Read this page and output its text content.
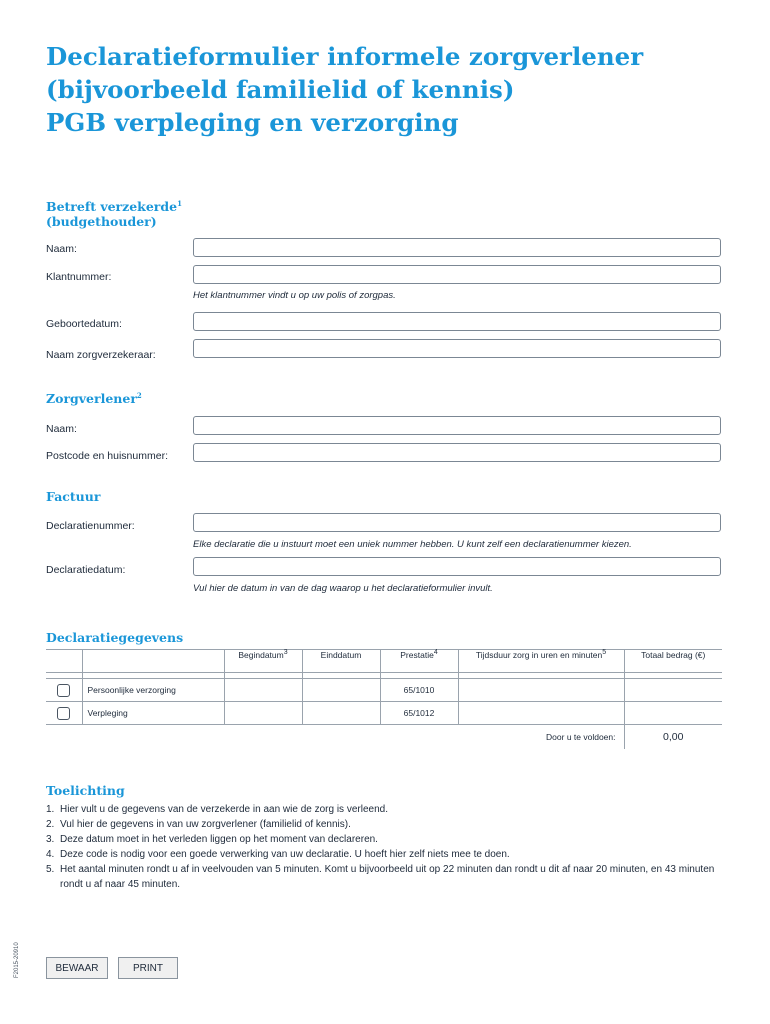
Declaratieformulier informele zorgverlener
(bijvoorbeeld familielid of kennis)
PGB verpleging en verzorging
Betreft verzekerde$^1$
(budgethouder)
Naam:
Klantnummer:
Het klantnummer vindt u op uw polis of zorgpas.
Geboortedatum:
Naam zorgverzekeraar:
Zorgverlener$^2$
Naam:
Postcode en huisnummer:
Factuur
Declaratienummer:
Elke declaratie die u instuurt moet een uniek nummer hebben. U kunt zelf een declaratienummer kiezen.
Declaratiedatum:
Vul hier de datum in van de dag waarop u het declaratieformulier invult.
Declaratiegegevens
		Begindatum$^3$	Einddatum	Prestatie$^4$	Tijdsduur zorg in uren en minuten$^5$	Totaal bedrag (€)

	Persoonlijke verzorging			65/1010		

	Verpleging			65/1012		
Door u te voldoen:						0,00
Toelichting
1. Hier vult u de gegevens van de verzekerde in aan wie de zorg is verleend.
2. Vul hier de gegevens in van uw zorgverlener (familielid of kennis).
3. Deze datum moet in het verleden liggen op het moment van declareren.
4. Deze code is nodig voor een goede verwerking van uw declaratie. U hoeft hier zelf niets mee te doen.
5. Het aantal minuten rondt u af in veelvouden van 5 minuten. Komt u bijvoorbeeld uit op 22 minuten dan rondt u dit af naar 20 minuten, en 43 minuten rondt u af naar 45 minuten.
F2015-20910	BEWAAR	PRINT
